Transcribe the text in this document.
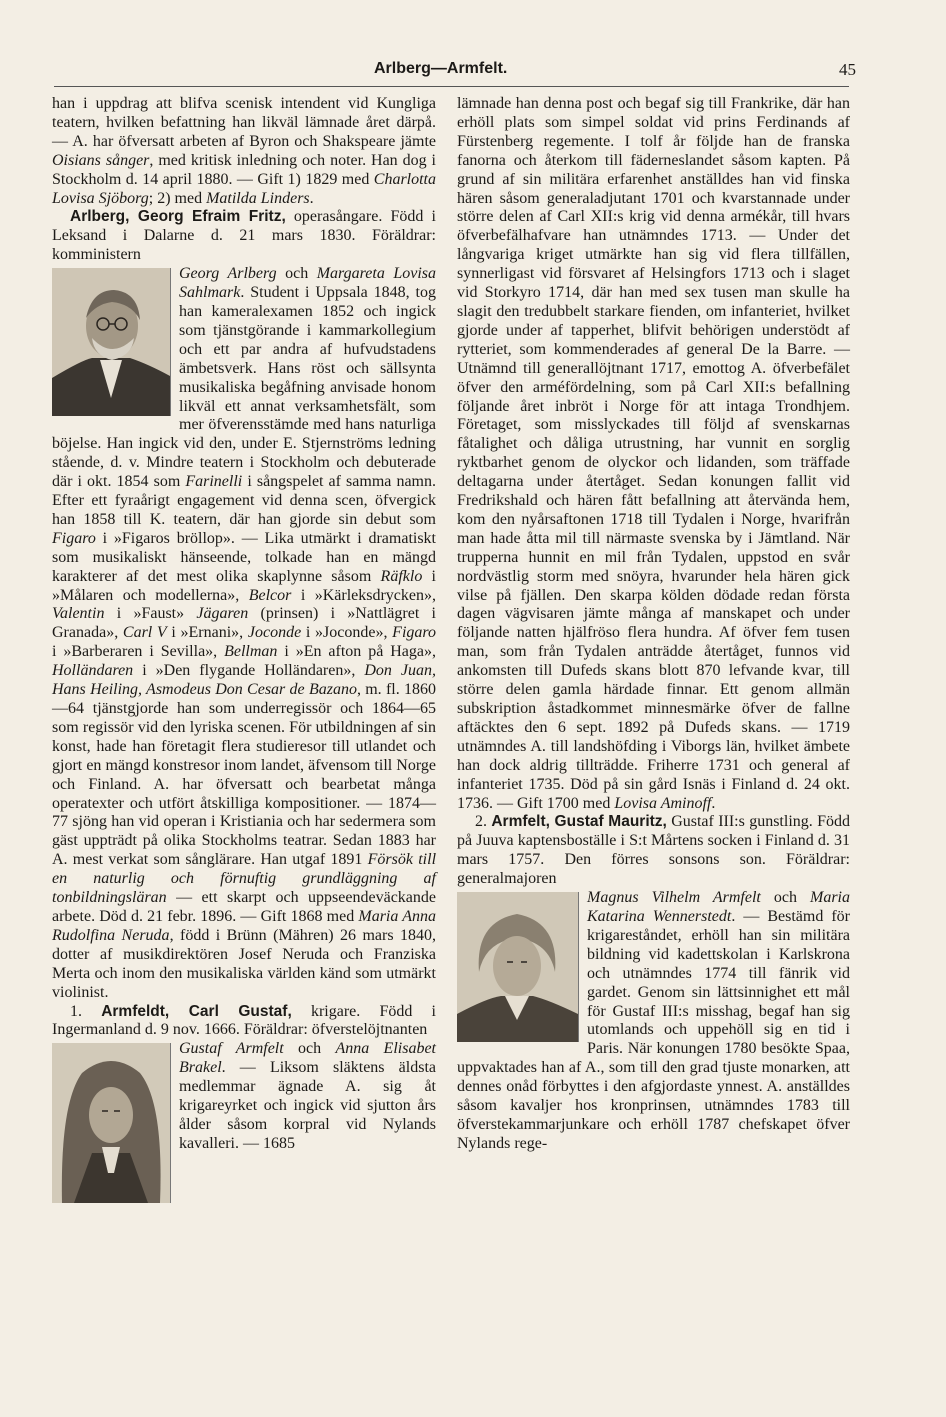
Arlberg—Armfelt.	45

han i uppdrag att blifva scenisk intendent vid Kungliga teatern, hvilken befattning han likväl lämnade året därpå. — A. har öfversatt arbeten af Byron och Shakspeare jämte Oisians sånger, med kritisk inledning och noter. Han dog i Stockholm d. 14 april 1880. — Gift 1) 1829 med Charlotta Lovisa Sjöborg; 2) med Matilda Linders.

Arlberg, Georg Efraim Fritz, operasångare. Född i Leksand i Dalarne d. 21 mars 1830. Föräldrar: komministern

Georg Arlberg och Margareta Lovisa Sahlmark. Student i Uppsala 1848, tog han kameralexamen 1852 och ingick som tjänstgörande i kammarkollegium och ett par andra af hufvudstadens ämbetsverk. Hans röst och sällsynta musikaliska begåfning anvisade honom likväl ett annat verksamhetsfält, som mer öfverensstämde med hans naturliga böjelse. Han ingick vid den, under E. Stjernströms ledning stående, d. v. Mindre teatern i Stockholm och debuterade där i okt. 1854 som Farinelli i sångspelet af samma namn. Efter ett fyraårigt engagement vid denna scen, öfvergick han 1858 till K. teatern, där han gjorde sin debut som Figaro i »Figaros bröllop». — Lika utmärkt i dramatiskt som musikaliskt hänseende, tolkade han en mängd karakterer af det mest olika skaplynne såsom Räfklo i »Målaren och modellerna», Belcor i »Kärleksdrycken», Valentin i »Faust» Jägaren (prinsen) i »Nattlägret i Granada», Carl V i »Ernani», Joconde i »Joconde», Figaro i »Barberaren i Sevilla», Bellman i »En afton på Haga», Holländaren i »Den flygande Holländaren», Don Juan, Hans Heiling, Asmodeus Don Cesar de Bazano, m. fl. 1860—64 tjänstgjorde han som underregissör och 1864—65 som regissör vid den lyriska scenen. För utbildningen af sin konst, hade han företagit flera studieresor till utlandet och gjort en mängd konstresor inom landet, äfvensom till Norge och Finland. A. har öfversatt och bearbetat många operatexter och utfört åtskilliga kompositioner. — 1874—77 sjöng han vid operan i Kristiania och har sedermera som gäst uppträdt på olika Stockholms teatrar. Sedan 1883 har A. mest verkat som sånglärare. Han utgaf 1891 Försök till en naturlig och förnuftig grundläggning af tonbildningsläran — ett skarpt och uppseendeväckande arbete. Död d. 21 febr. 1896. — Gift 1868 med Maria Anna Rudolfina Neruda, född i Brünn (Mähren) 26 mars 1840, dotter af musikdirektören Josef Neruda och Franziska Merta och inom den musikaliska världen känd som utmärkt violinist.

1. Armfeldt, Carl Gustaf, krigare. Född i Ingermanland d. 9 nov. 1666. Föräldrar: öfverstelöjtnanten

Gustaf Armfelt och Anna Elisabet Brakel. — Liksom släktens äldsta medlemmar ägnade A. sig åt krigareyrket och ingick vid sjutton års ålder såsom korpral vid Nylands kavalleri. — 1685

lämnade han denna post och begaf sig till Frankrike, där han erhöll plats som simpel soldat vid prins Ferdinands af Fürstenberg regemente. I tolf år följde han de franska fanorna och återkom till fäderneslandet såsom kapten. På grund af sin militära erfarenhet anställdes han vid finska hären såsom generaladjutant 1701 och kvarstannade under större delen af Carl XII:s krig vid denna armékår, till hvars öfverbefälhafvare han utnämndes 1713. — Under det långvariga kriget utmärkte han sig vid flera tillfällen, synnerligast vid försvaret af Helsingfors 1713 och i slaget vid Storkyro 1714, där han med sex tusen man skulle ha slagit den tredubbelt starkare fienden, om infanteriet, hvilket gjorde under af tapperhet, blifvit behörigen understödt af rytteriet, som kommenderades af general De la Barre. — Utnämnd till generallöjtnant 1717, emottog A. öfverbefälet öfver den arméfördelning, som på Carl XII:s befallning följande året inbröt i Norge för att intaga Trondhjem. Företaget, som misslyckades till följd af svenskarnas fåtalighet och dåliga utrustning, har vunnit en sorglig ryktbarhet genom de olyckor och lidanden, som träffade deltagarna under återtåget. Sedan konungen fallit vid Fredrikshald och hären fått befallning att återvända hem, kom den nyårsaftonen 1718 till Tydalen i Norge, hvarifrån man hade åtta mil till närmaste svenska by i Jämtland. När trupperna hunnit en mil från Tydalen, uppstod en svår nordvästlig storm med snöyra, hvarunder hela hären gick vilse på fjällen. Den skarpa kölden dödade redan första dagen vägvisaren jämte många af manskapet och under följande natten hjälfröso flera hundra. Af öfver fem tusen man, som från Tydalen anträdde återtåget, funnos vid ankomsten till Dufeds skans blott 870 lefvande kvar, till större delen gamla härdade finnar. Ett genom allmän subskription åstadkommet minnesmärke öfver de fallne aftäcktes den 6 sept. 1892 på Dufeds skans. — 1719 utnämndes A. till landshöfding i Viborgs län, hvilket ämbete han dock aldrig tillträdde. Friherre 1731 och general af infanteriet 1735. Död på sin gård Isnäs i Finland d. 24 okt. 1736. — Gift 1700 med Lovisa Aminoff.

2. Armfelt, Gustaf Mauritz, Gustaf III:s gunstling. Född på Juuva kaptensboställe i S:t Mårtens socken i Finland d. 31 mars 1757. Den förres sonsons son. Föräldrar: generalmajoren

Magnus Vilhelm Armfelt och Maria Katarina Wennerstedt. — Bestämd för krigareståndet, erhöll han sin militära bildning vid kadettskolan i Karlskrona och utnämndes 1774 till fänrik vid gardet. Genom sin lättsinnighet ett mål för Gustaf III:s misshag, begaf han sig utomlands och uppehöll sig en tid i Paris. När konungen 1780 besökte Spaa, uppvaktades han af A., som till den grad tjuste monarken, att dennes onåd förbyttes i den afgjordaste ynnest. A. anställdes såsom kavaljer hos kronprinsen, utnämndes 1783 till öfverstekammarjunkare och erhöll 1787 chefskapet öfver Nylands rege-
